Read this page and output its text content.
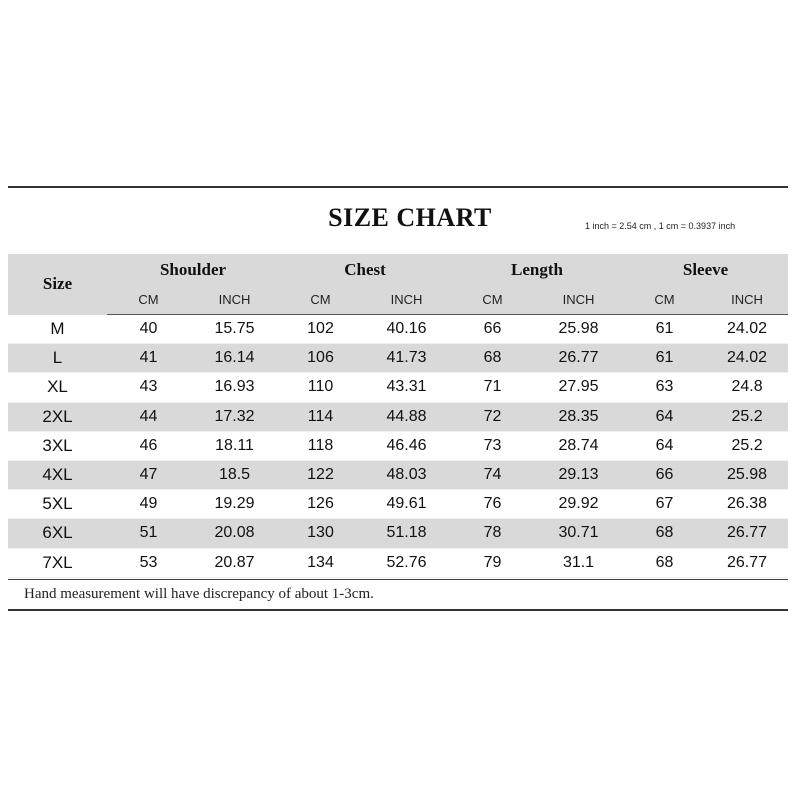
SIZE CHART	1 inch = 2.54 cm , 1 cm = 0.3937 inch
Size	Shoulder		Chest		Length		Sleeve	
	CM	INCH	CM	INCH	CM	INCH	CM	INCH
M	40	15.75	102	40.16	66	25.98	61	24.02
L	41	16.14	106	41.73	68	26.77	61	24.02
XL	43	16.93	110	43.31	71	27.95	63	24.8
2XL	44	17.32	114	44.88	72	28.35	64	25.2
3XL	46	18.11	118	46.46	73	28.74	64	25.2
4XL	47	18.5	122	48.03	74	29.13	66	25.98
5XL	49	19.29	126	49.61	76	29.92	67	26.38
6XL	51	20.08	130	51.18	78	30.71	68	26.77
7XL	53	20.87	134	52.76	79	31.1	68	26.77
Hand measurement will have discrepancy of about 1-3cm.
